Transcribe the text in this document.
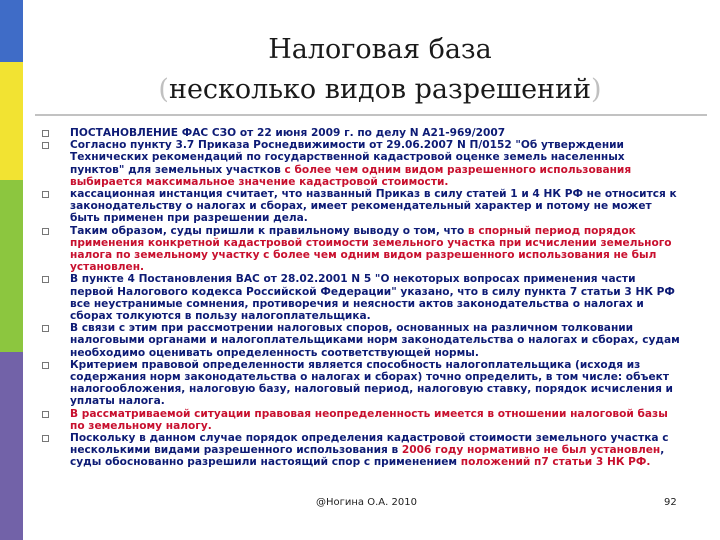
Налоговая база
(несколько видов разрешений)
ПОСТАНОВЛЕНИЕ ФАС СЗО от 22 июня 2009 г. по делу N А21-969/2007
Согласно пункту 3.7 Приказа Роснедвижимости от 29.06.2007 N П/0152 "Об утверждении Технических рекомендаций по государственной кадастровой оценке земель населенных пунктов" для земельных участков с более чем одним видом разрешенного использования выбирается максимальное значение кадастровой стоимости.
кассационная инстанция считает, что названный Приказ в силу статей 1 и 4 НК РФ не относится к законодательству о налогах и сборах, имеет рекомендательный характер и потому не может быть применен при разрешении дела.
Таким образом, суды пришли к правильному выводу о том, что в спорный период порядок применения конкретной кадастровой стоимости земельного участка при исчислении земельного налога по земельному участку с более чем одним видом разрешенного использования не был установлен.
В пункте 4 Постановления ВАС от 28.02.2001 N 5 "О некоторых вопросах применения части первой Налогового кодекса Российской Федерации" указано, что в силу пункта 7 статьи 3 НК РФ все неустранимые сомнения, противоречия и неясности актов законодательства о налогах и сборах толкуются в пользу налогоплательщика.
В связи с этим при рассмотрении налоговых споров, основанных на различном толковании налоговыми органами и налогоплательщиками норм законодательства о налогах и сборах, судам необходимо оценивать определенность соответствующей нормы.
Критерием правовой определенности является способность налогоплательщика (исходя из содержания норм законодательства о налогах и сборах) точно определить, в том числе: объект налогообложения, налоговую базу, налоговый период, налоговую ставку, порядок исчисления и уплаты налога.
В рассматриваемой ситуации правовая неопределенность имеется в отношении налоговой базы по земельному налогу.
Поскольку в данном случае порядок определения кадастровой стоимости земельного участка с несколькими видами разрешенного использования в 2006 году нормативно не был установлен, суды обоснованно разрешили настоящий спор с применением положений п7 статьи 3 НК РФ.
@Ногина О.А. 2010	92
